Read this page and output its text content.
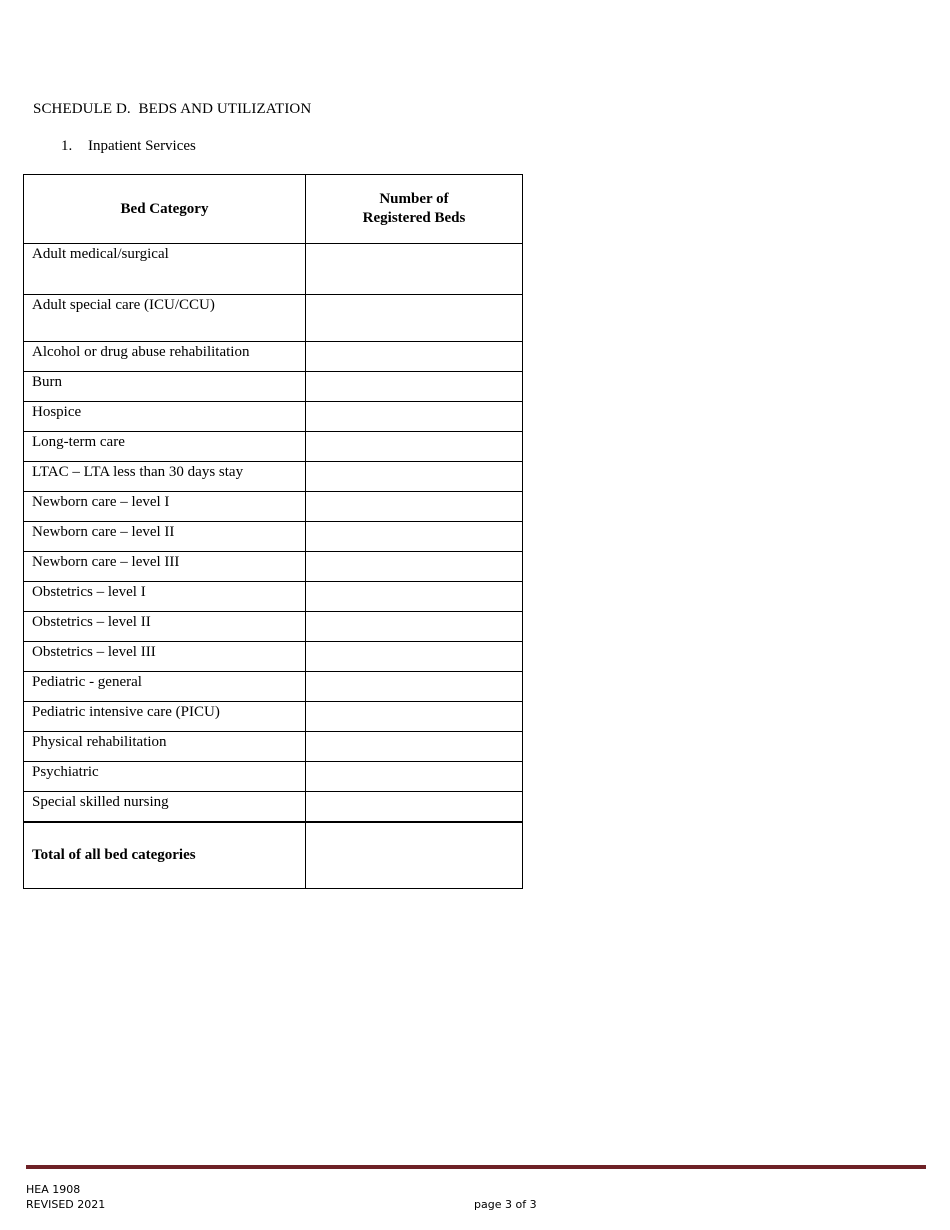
SCHEDULE D.  BEDS AND UTILIZATION
1. Inpatient Services
Bed Category	Number of
Registered Beds
Adult medical/surgical	
Adult special care (ICU/CCU)	
Alcohol or drug abuse rehabilitation	
Burn	
Hospice	
Long-term care	
LTAC – LTA less than 30 days stay	
Newborn care – level I	
Newborn care – level II	
Newborn care – level III	
Obstetrics – level I	
Obstetrics – level II	
Obstetrics – level III	
Pediatric - general	
Pediatric intensive care (PICU)	
Physical rehabilitation	
Psychiatric	
Special skilled nursing	
Total of all bed categories	
HEA 1908
REVISED 2021	page 3 of 3
